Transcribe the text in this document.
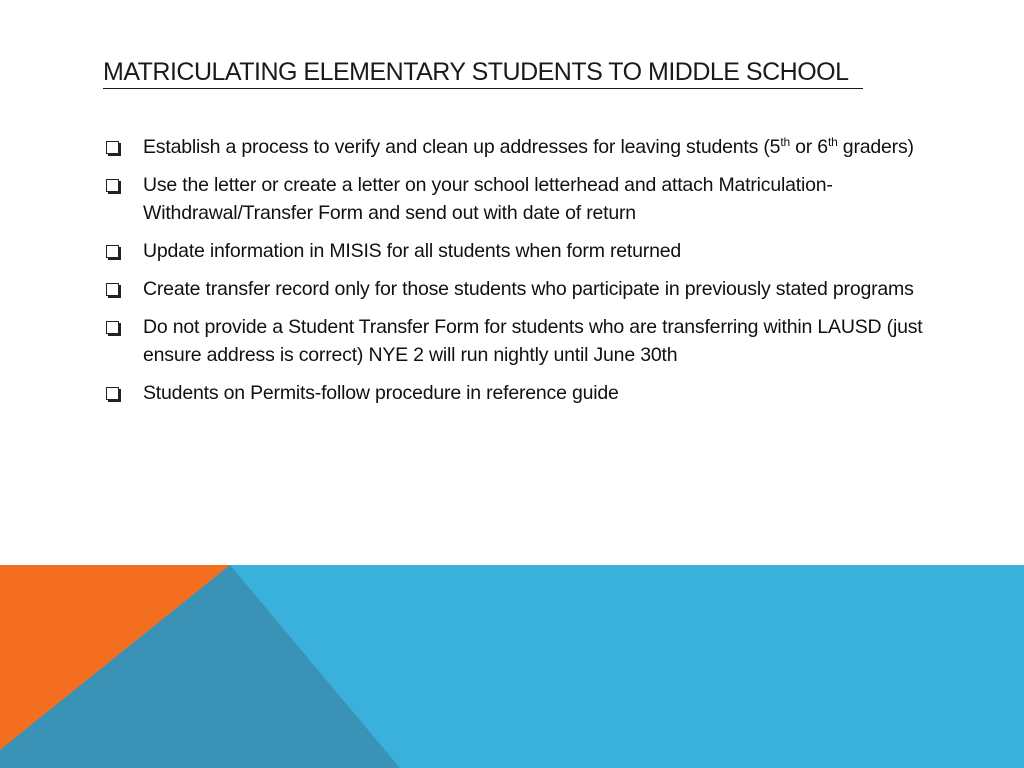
MATRICULATING ELEMENTARY STUDENTS TO MIDDLE SCHOOL
Establish a process to verify and clean up addresses for leaving students (5th or 6th graders)
Use the letter or create a letter on your school letterhead and attach Matriculation-Withdrawal/Transfer Form and send out with date of return
Update information in MISIS for all students when form returned
Create transfer record only for those students who participate in previously stated programs
Do not provide a Student Transfer Form for students who are transferring within LAUSD (just ensure address is correct) NYE 2 will run nightly until June 30th
Students on Permits-follow procedure in reference guide
